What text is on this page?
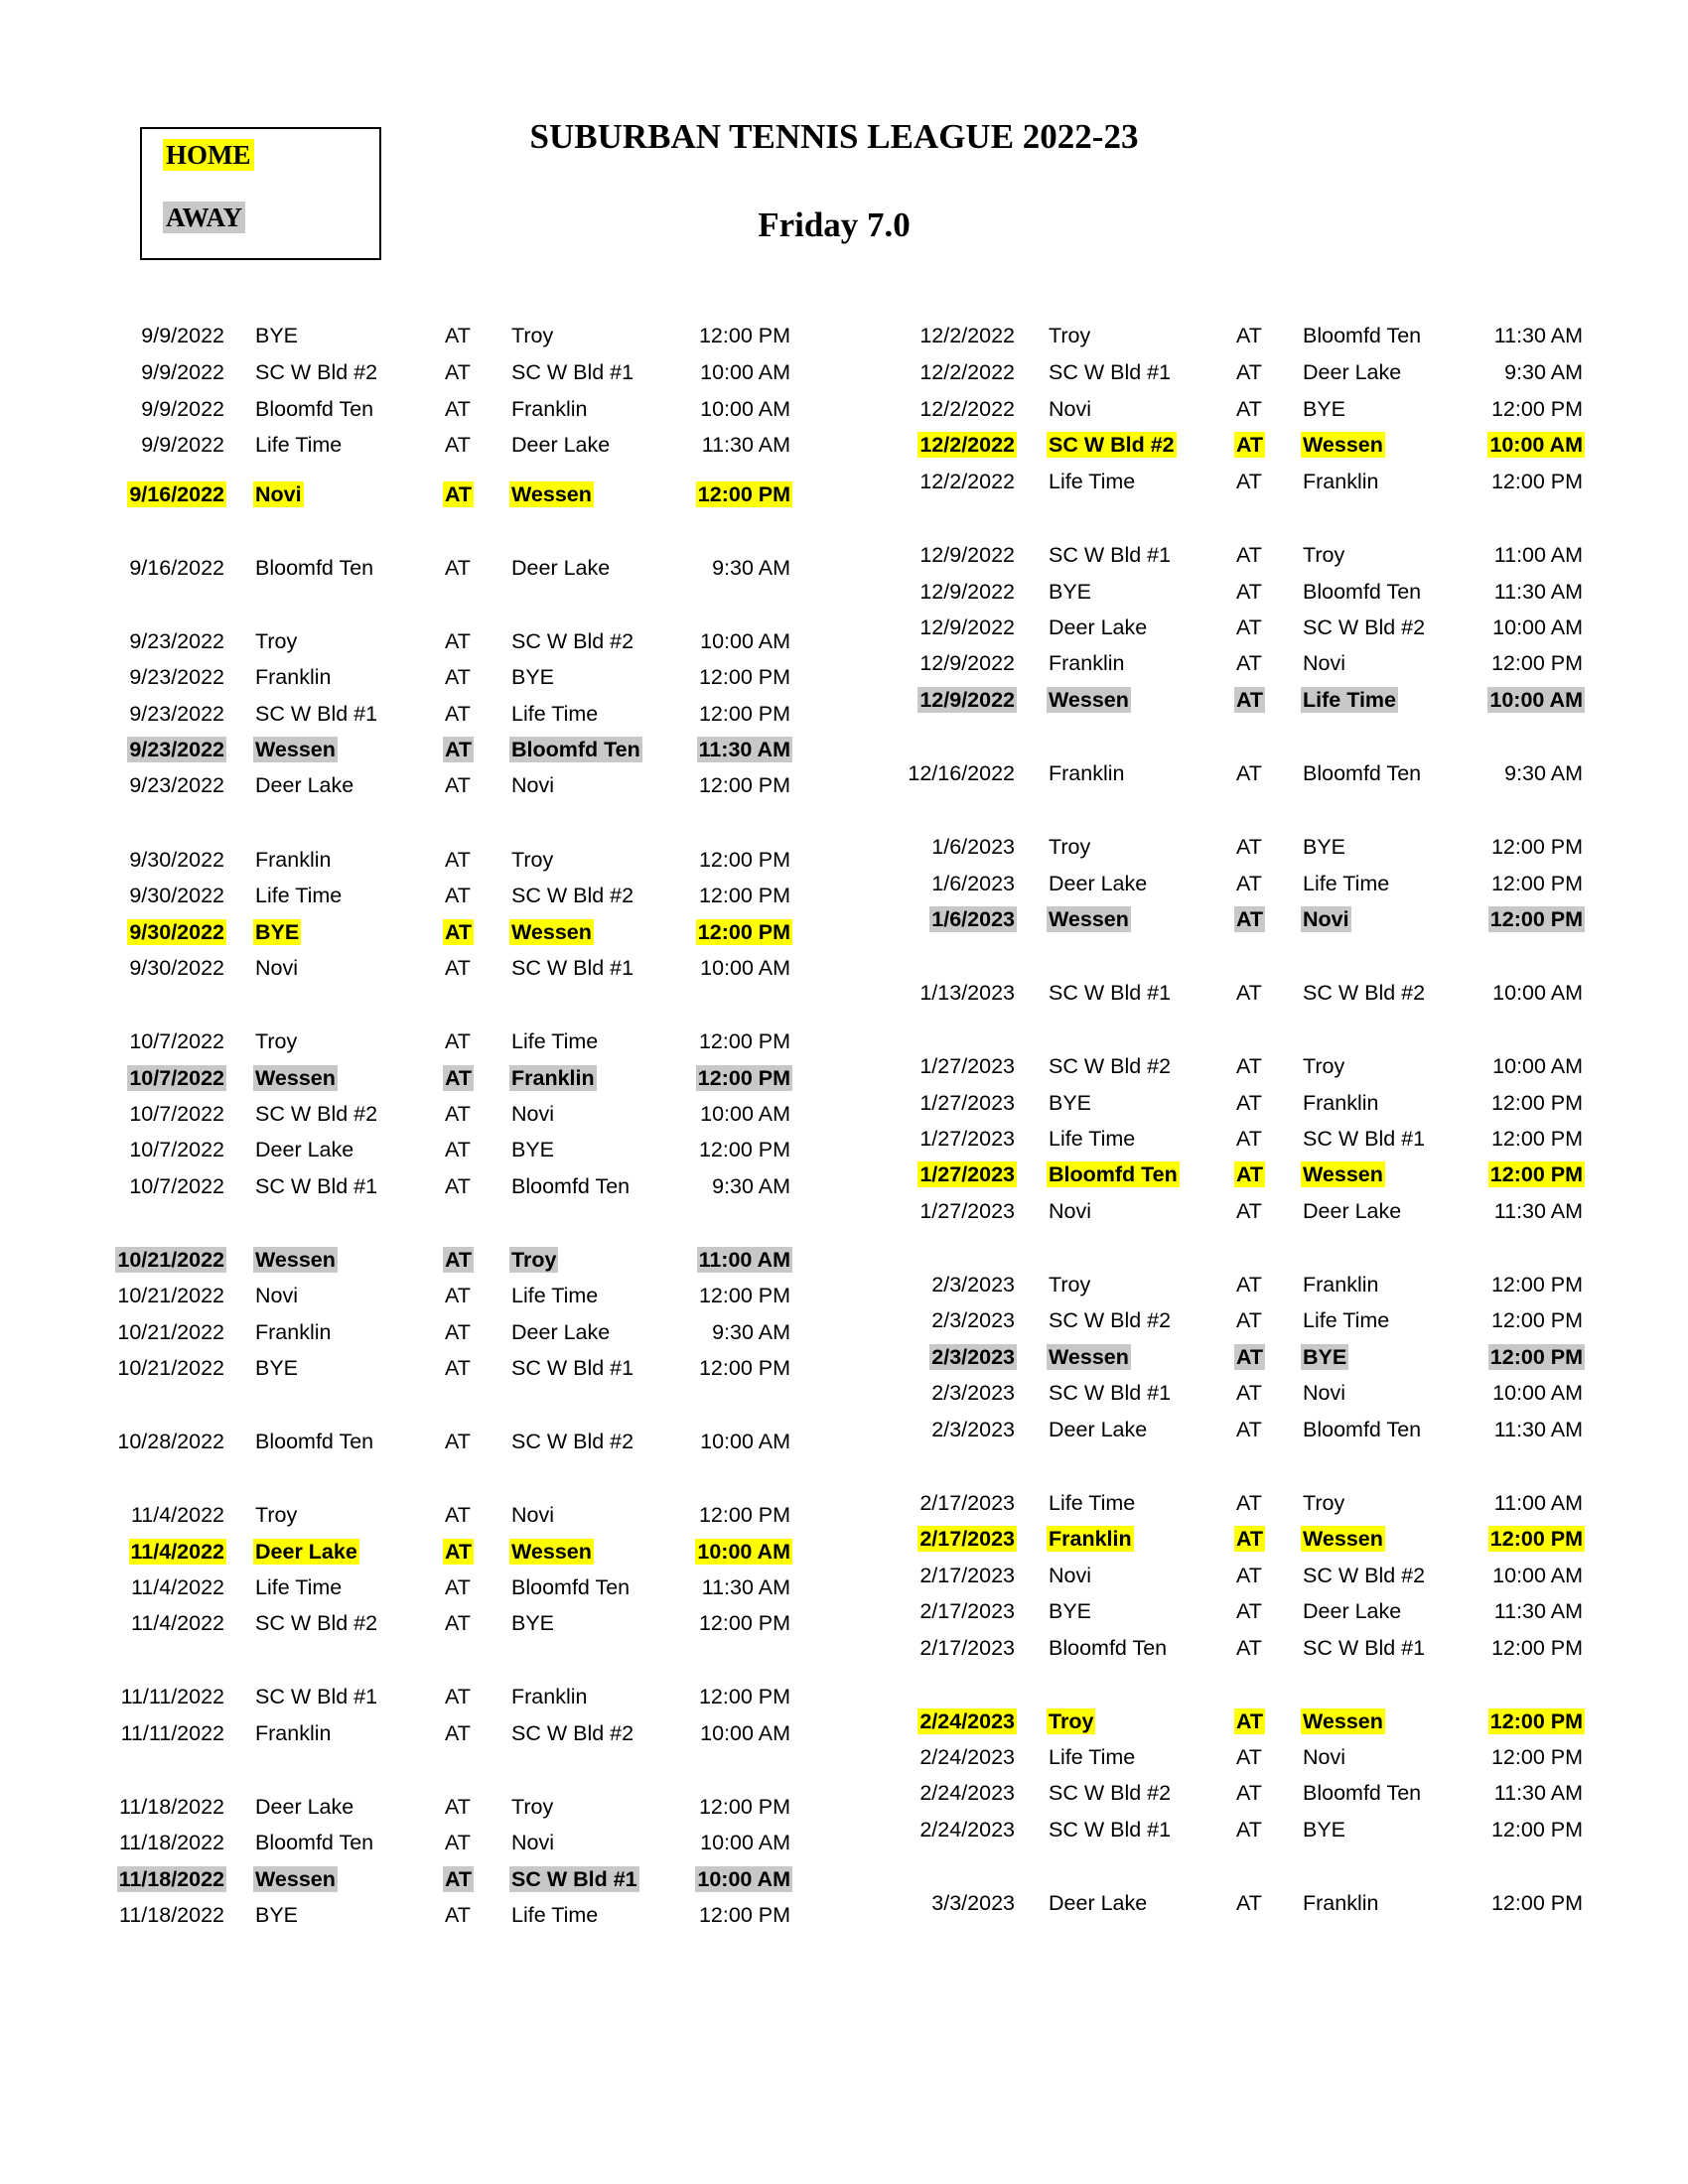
HOME
AWAY
SUBURBAN TENNIS LEAGUE 2022-23
Friday 7.0
9/9/2022 BYE	AT Troy	12:00 PM
9/9/2022 SC W Bld #2	AT SC W Bld #1	10:00 AM
9/9/2022 Bloomfd Ten	AT Franklin	10:00 AM
9/9/2022 Life Time	AT Deer Lake	11:30 AM
9/16/2022 Novi	AT Wessen	12:00 PM
9/16/2022 Bloomfd Ten	AT Deer Lake	9:30 AM
9/23/2022 Troy	AT SC W Bld #2	10:00 AM
9/23/2022 Franklin	AT BYE	12:00 PM
9/23/2022 SC W Bld #1	AT Life Time	12:00 PM
9/23/2022 Wessen	AT Bloomfd Ten	11:30 AM
9/23/2022 Deer Lake	AT Novi	12:00 PM
9/30/2022 Franklin	AT Troy	12:00 PM
9/30/2022 Life Time	AT SC W Bld #2	12:00 PM
9/30/2022 BYE	AT Wessen	12:00 PM
9/30/2022 Novi	AT SC W Bld #1	10:00 AM
10/7/2022 Troy	AT Life Time	12:00 PM
10/7/2022 Wessen	AT Franklin	12:00 PM
10/7/2022 SC W Bld #2	AT Novi	10:00 AM
10/7/2022 Deer Lake	AT BYE	12:00 PM
10/7/2022 SC W Bld #1	AT Bloomfd Ten	9:30 AM
10/21/2022 Wessen	AT Troy	11:00 AM
10/21/2022 Novi	AT Life Time	12:00 PM
10/21/2022 Franklin	AT Deer Lake	9:30 AM
10/21/2022 BYE	AT SC W Bld #1	12:00 PM
10/28/2022 Bloomfd Ten	AT SC W Bld #2	10:00 AM
11/4/2022 Troy	AT Novi	12:00 PM
11/4/2022 Deer Lake	AT Wessen	10:00 AM
11/4/2022 Life Time	AT Bloomfd Ten	11:30 AM
11/4/2022 SC W Bld #2	AT BYE	12:00 PM
11/11/2022 SC W Bld #1	AT Franklin	12:00 PM
11/11/2022 Franklin	AT SC W Bld #2	10:00 AM
11/18/2022 Deer Lake	AT Troy	12:00 PM
11/18/2022 Bloomfd Ten	AT Novi	10:00 AM
11/18/2022 Wessen	AT SC W Bld #1	10:00 AM
11/18/2022 BYE	AT Life Time	12:00 PM
12/2/2022 Troy	AT Bloomfd Ten	11:30 AM
12/2/2022 SC W Bld #1	AT Deer Lake	9:30 AM
12/2/2022 Novi	AT BYE	12:00 PM
12/2/2022 SC W Bld #2	AT Wessen	10:00 AM
12/2/2022 Life Time	AT Franklin	12:00 PM
12/9/2022 SC W Bld #1	AT Troy	11:00 AM
12/9/2022 BYE	AT Bloomfd Ten	11:30 AM
12/9/2022 Deer Lake	AT SC W Bld #2	10:00 AM
12/9/2022 Franklin	AT Novi	12:00 PM
12/9/2022 Wessen	AT Life Time	10:00 AM
12/16/2022 Franklin	AT Bloomfd Ten	9:30 AM
1/6/2023 Troy	AT BYE	12:00 PM
1/6/2023 Deer Lake	AT Life Time	12:00 PM
1/6/2023 Wessen	AT Novi	12:00 PM
1/13/2023 SC W Bld #1	AT SC W Bld #2	10:00 AM
1/27/2023 SC W Bld #2	AT Troy	10:00 AM
1/27/2023 BYE	AT Franklin	12:00 PM
1/27/2023 Life Time	AT SC W Bld #1	12:00 PM
1/27/2023 Bloomfd Ten	AT Wessen	12:00 PM
1/27/2023 Novi	AT Deer Lake	11:30 AM
2/3/2023 Troy	AT Franklin	12:00 PM
2/3/2023 SC W Bld #2	AT Life Time	12:00 PM
2/3/2023 Wessen	AT BYE	12:00 PM
2/3/2023 SC W Bld #1	AT Novi	10:00 AM
2/3/2023 Deer Lake	AT Bloomfd Ten	11:30 AM
2/17/2023 Life Time	AT Troy	11:00 AM
2/17/2023 Franklin	AT Wessen	12:00 PM
2/17/2023 Novi	AT SC W Bld #2	10:00 AM
2/17/2023 BYE	AT Deer Lake	11:30 AM
2/17/2023 Bloomfd Ten	AT SC W Bld #1	12:00 PM
2/24/2023 Troy	AT Wessen	12:00 PM
2/24/2023 Life Time	AT Novi	12:00 PM
2/24/2023 SC W Bld #2	AT Bloomfd Ten	11:30 AM
2/24/2023 SC W Bld #1	AT BYE	12:00 PM
3/3/2023 Deer Lake	AT Franklin	12:00 PM
